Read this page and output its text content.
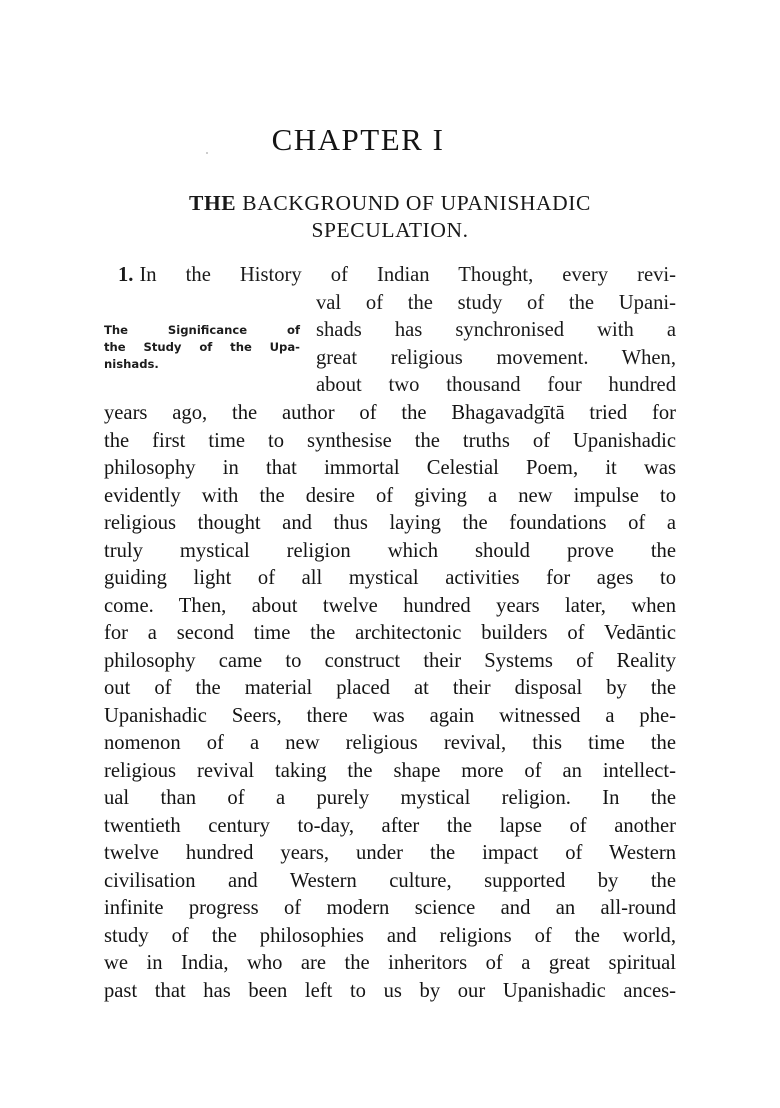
CHAPTER I
THE BACKGROUND OF UPANISHADIC
SPECULATION.
1. In the History of Indian Thought, every revi-
val of the study of the Upani-
shads has synchronised with a
great religious movement. When,
about two thousand four hundred
The Significance of
the Study of the Upa-
nishads.
years ago, the author of the Bhagavadgītā tried for
the first time to synthesise the truths of Upanishadic
philosophy in that immortal Celestial Poem, it was
evidently with the desire of giving a new impulse to
religious thought and thus laying the foundations of a
truly mystical religion which should prove the
guiding light of all mystical activities for ages to
come. Then, about twelve hundred years later, when
for a second time the architectonic builders of Vedāntic
philosophy came to construct their Systems of Reality
out of the material placed at their disposal by the
Upanishadic Seers, there was again witnessed a phe-
nomenon of a new religious revival, this time the
religious revival taking the shape more of an intellect-
ual than of a purely mystical religion. In the
twentieth century to-day, after the lapse of another
twelve hundred years, under the impact of Western
civilisation and Western culture, supported by the
infinite progress of modern science and an all-round
study of the philosophies and religions of the world,
we in India, who are the inheritors of a great spiritual
past that has been left to us by our Upanishadic ances-
